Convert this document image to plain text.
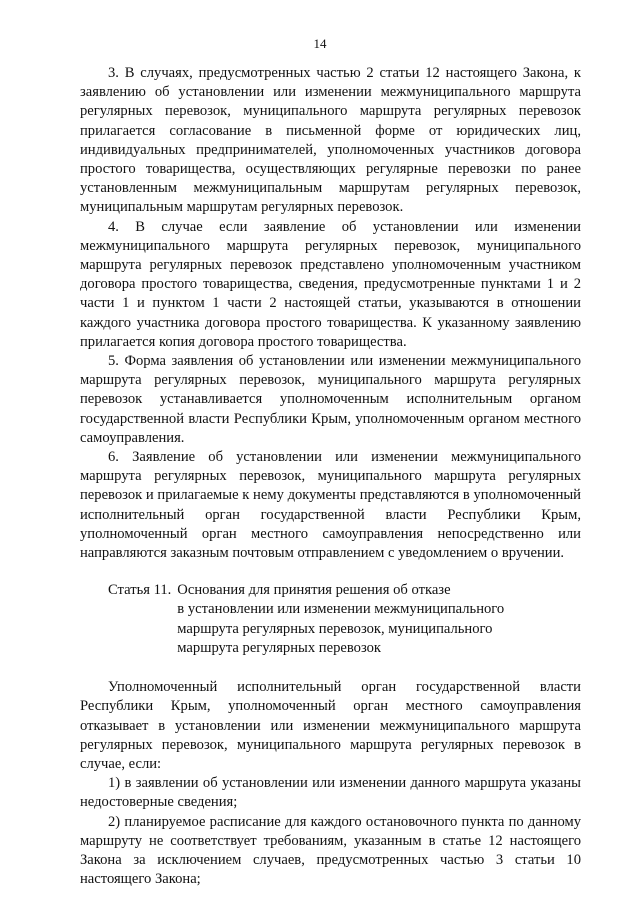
14

3. В случаях, предусмотренных частью 2 статьи 12 настоящего Закона, к заявлению об установлении или изменении межмуниципального маршрута регулярных перевозок, муниципального маршрута регулярных перевозок прилагается согласование в письменной форме от юридических лиц, индивидуальных предпринимателей, уполномоченных участников договора простого товарищества, осуществляющих регулярные перевозки по ранее установленным межмуниципальным маршрутам регулярных перевозок, муниципальным маршрутам регулярных перевозок.

4. В случае если заявление об установлении или изменении межмуниципального маршрута регулярных перевозок, муниципального маршрута регулярных перевозок представлено уполномоченным участником договора простого товарищества, сведения, предусмотренные пунктами 1 и 2 части 1 и пунктом 1 части 2 настоящей статьи, указываются в отношении каждого участника договора простого товарищества. К указанному заявлению прилагается копия договора простого товарищества.

5. Форма заявления об установлении или изменении межмуниципального маршрута регулярных перевозок, муниципального маршрута регулярных перевозок устанавливается уполномоченным исполнительным органом государственной власти Республики Крым, уполномоченным органом местного самоуправления.

6. Заявление об установлении или изменении межмуниципального маршрута регулярных перевозок, муниципального маршрута регулярных перевозок и прилагаемые к нему документы представляются в уполномоченный исполнительный орган государственной власти Республики Крым, уполномоченный орган местного самоуправления непосредственно или направляются заказным почтовым отправлением с уведомлением о вручении.

Статья 11. Основания для принятия решения об отказе
в установлении или изменении межмуниципального
маршрута регулярных перевозок, муниципального
маршрута регулярных перевозок

Уполномоченный исполнительный орган государственной власти Республики Крым, уполномоченный орган местного самоуправления отказывает в установлении или изменении межмуниципального маршрута регулярных перевозок, муниципального маршрута регулярных перевозок в случае, если:

1) в заявлении об установлении или изменении данного маршрута указаны недостоверные сведения;

2) планируемое расписание для каждого остановочного пункта по данному маршруту не соответствует требованиям, указанным в статье 12 настоящего Закона за исключением случаев, предусмотренных частью 3 статьи 10 настоящего Закона;
